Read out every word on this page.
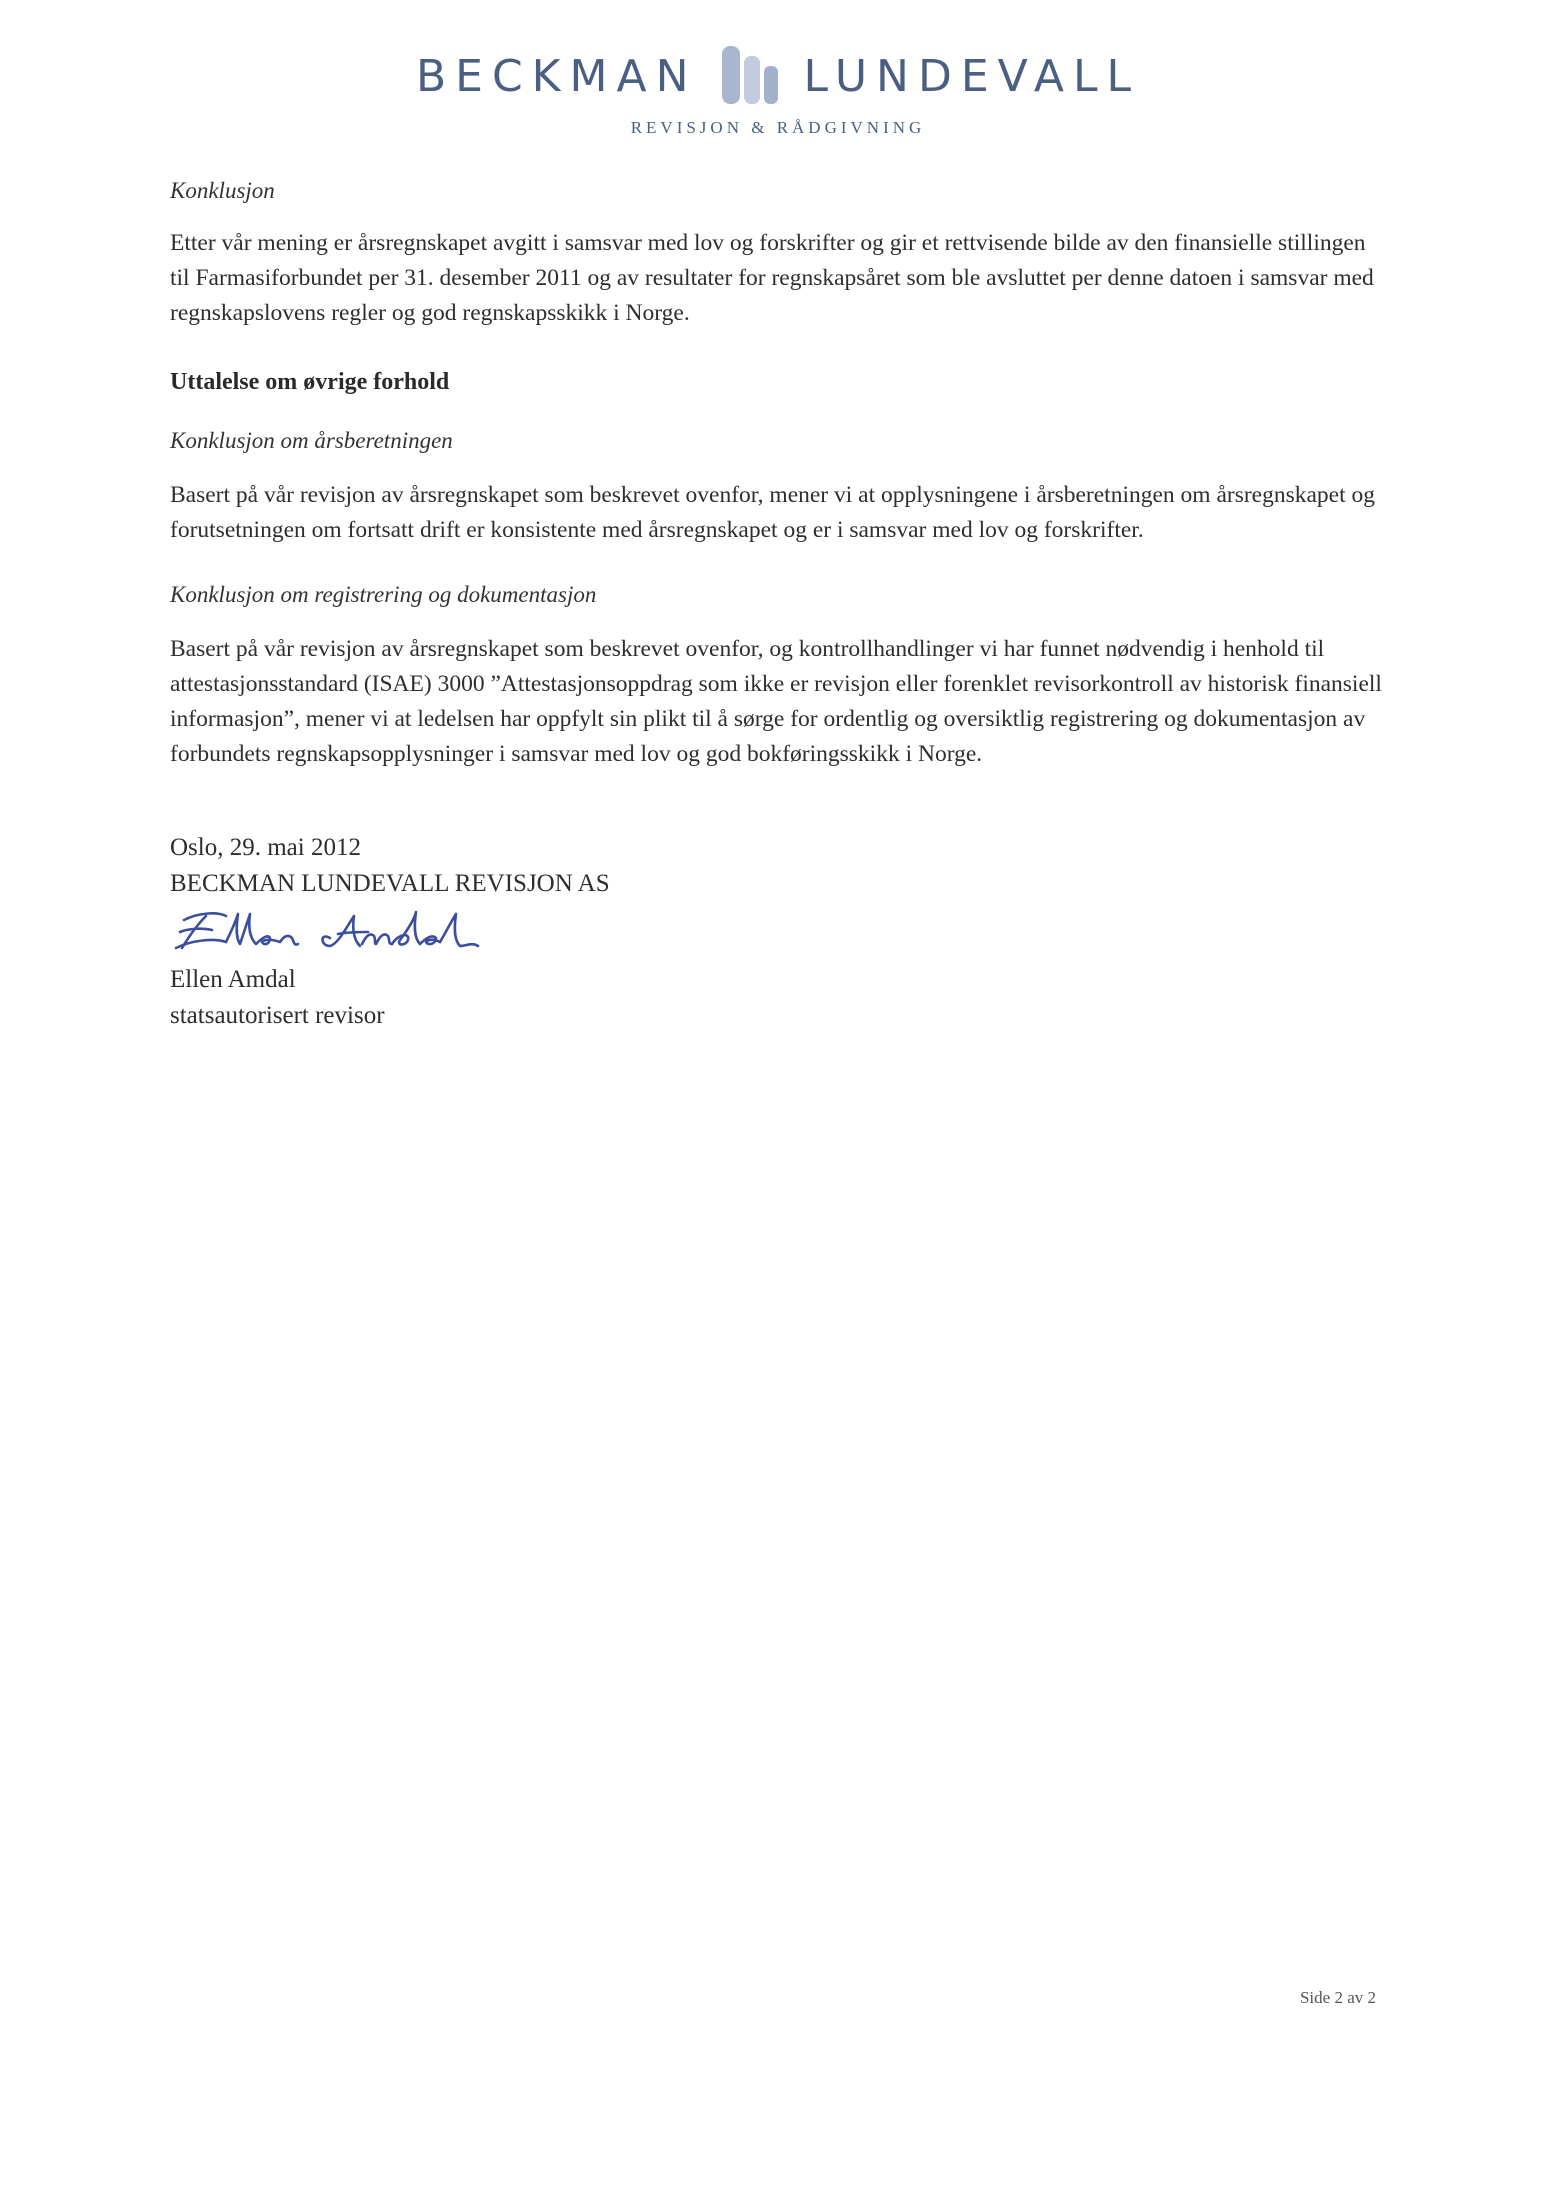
BECKMAN LUNDEVALL
REVISJON & RÅDGIVNING

Konklusjon

Etter vår mening er årsregnskapet avgitt i samsvar med lov og forskrifter og gir et rettvisende bilde av den finansielle stillingen til Farmasiforbundet per 31. desember 2011 og av resultater for regnskapsåret som ble avsluttet per denne datoen i samsvar med regnskapslovens regler og god regnskapsskikk i Norge.

Uttalelse om øvrige forhold

Konklusjon om årsberetningen

Basert på vår revisjon av årsregnskapet som beskrevet ovenfor, mener vi at opplysningene i årsberetningen om årsregnskapet og forutsetningen om fortsatt drift er konsistente med årsregnskapet og er i samsvar med lov og forskrifter.

Konklusjon om registrering og dokumentasjon

Basert på vår revisjon av årsregnskapet som beskrevet ovenfor, og kontrollhandlinger vi har funnet nødvendig i henhold til attestasjonsstandard (ISAE) 3000 ”Attestasjonsoppdrag som ikke er revisjon eller forenklet revisorkontroll av historisk finansiell informasjon”, mener vi at ledelsen har oppfylt sin plikt til å sørge for ordentlig og oversiktlig registrering og dokumentasjon av forbundets regnskapsopplysninger i samsvar med lov og god bokføringsskikk i Norge.

Oslo, 29. mai 2012

BECKMAN LUNDEVALL REVISJON AS

Ellen Amdal

statsautorisert revisor

Side 2 av 2
